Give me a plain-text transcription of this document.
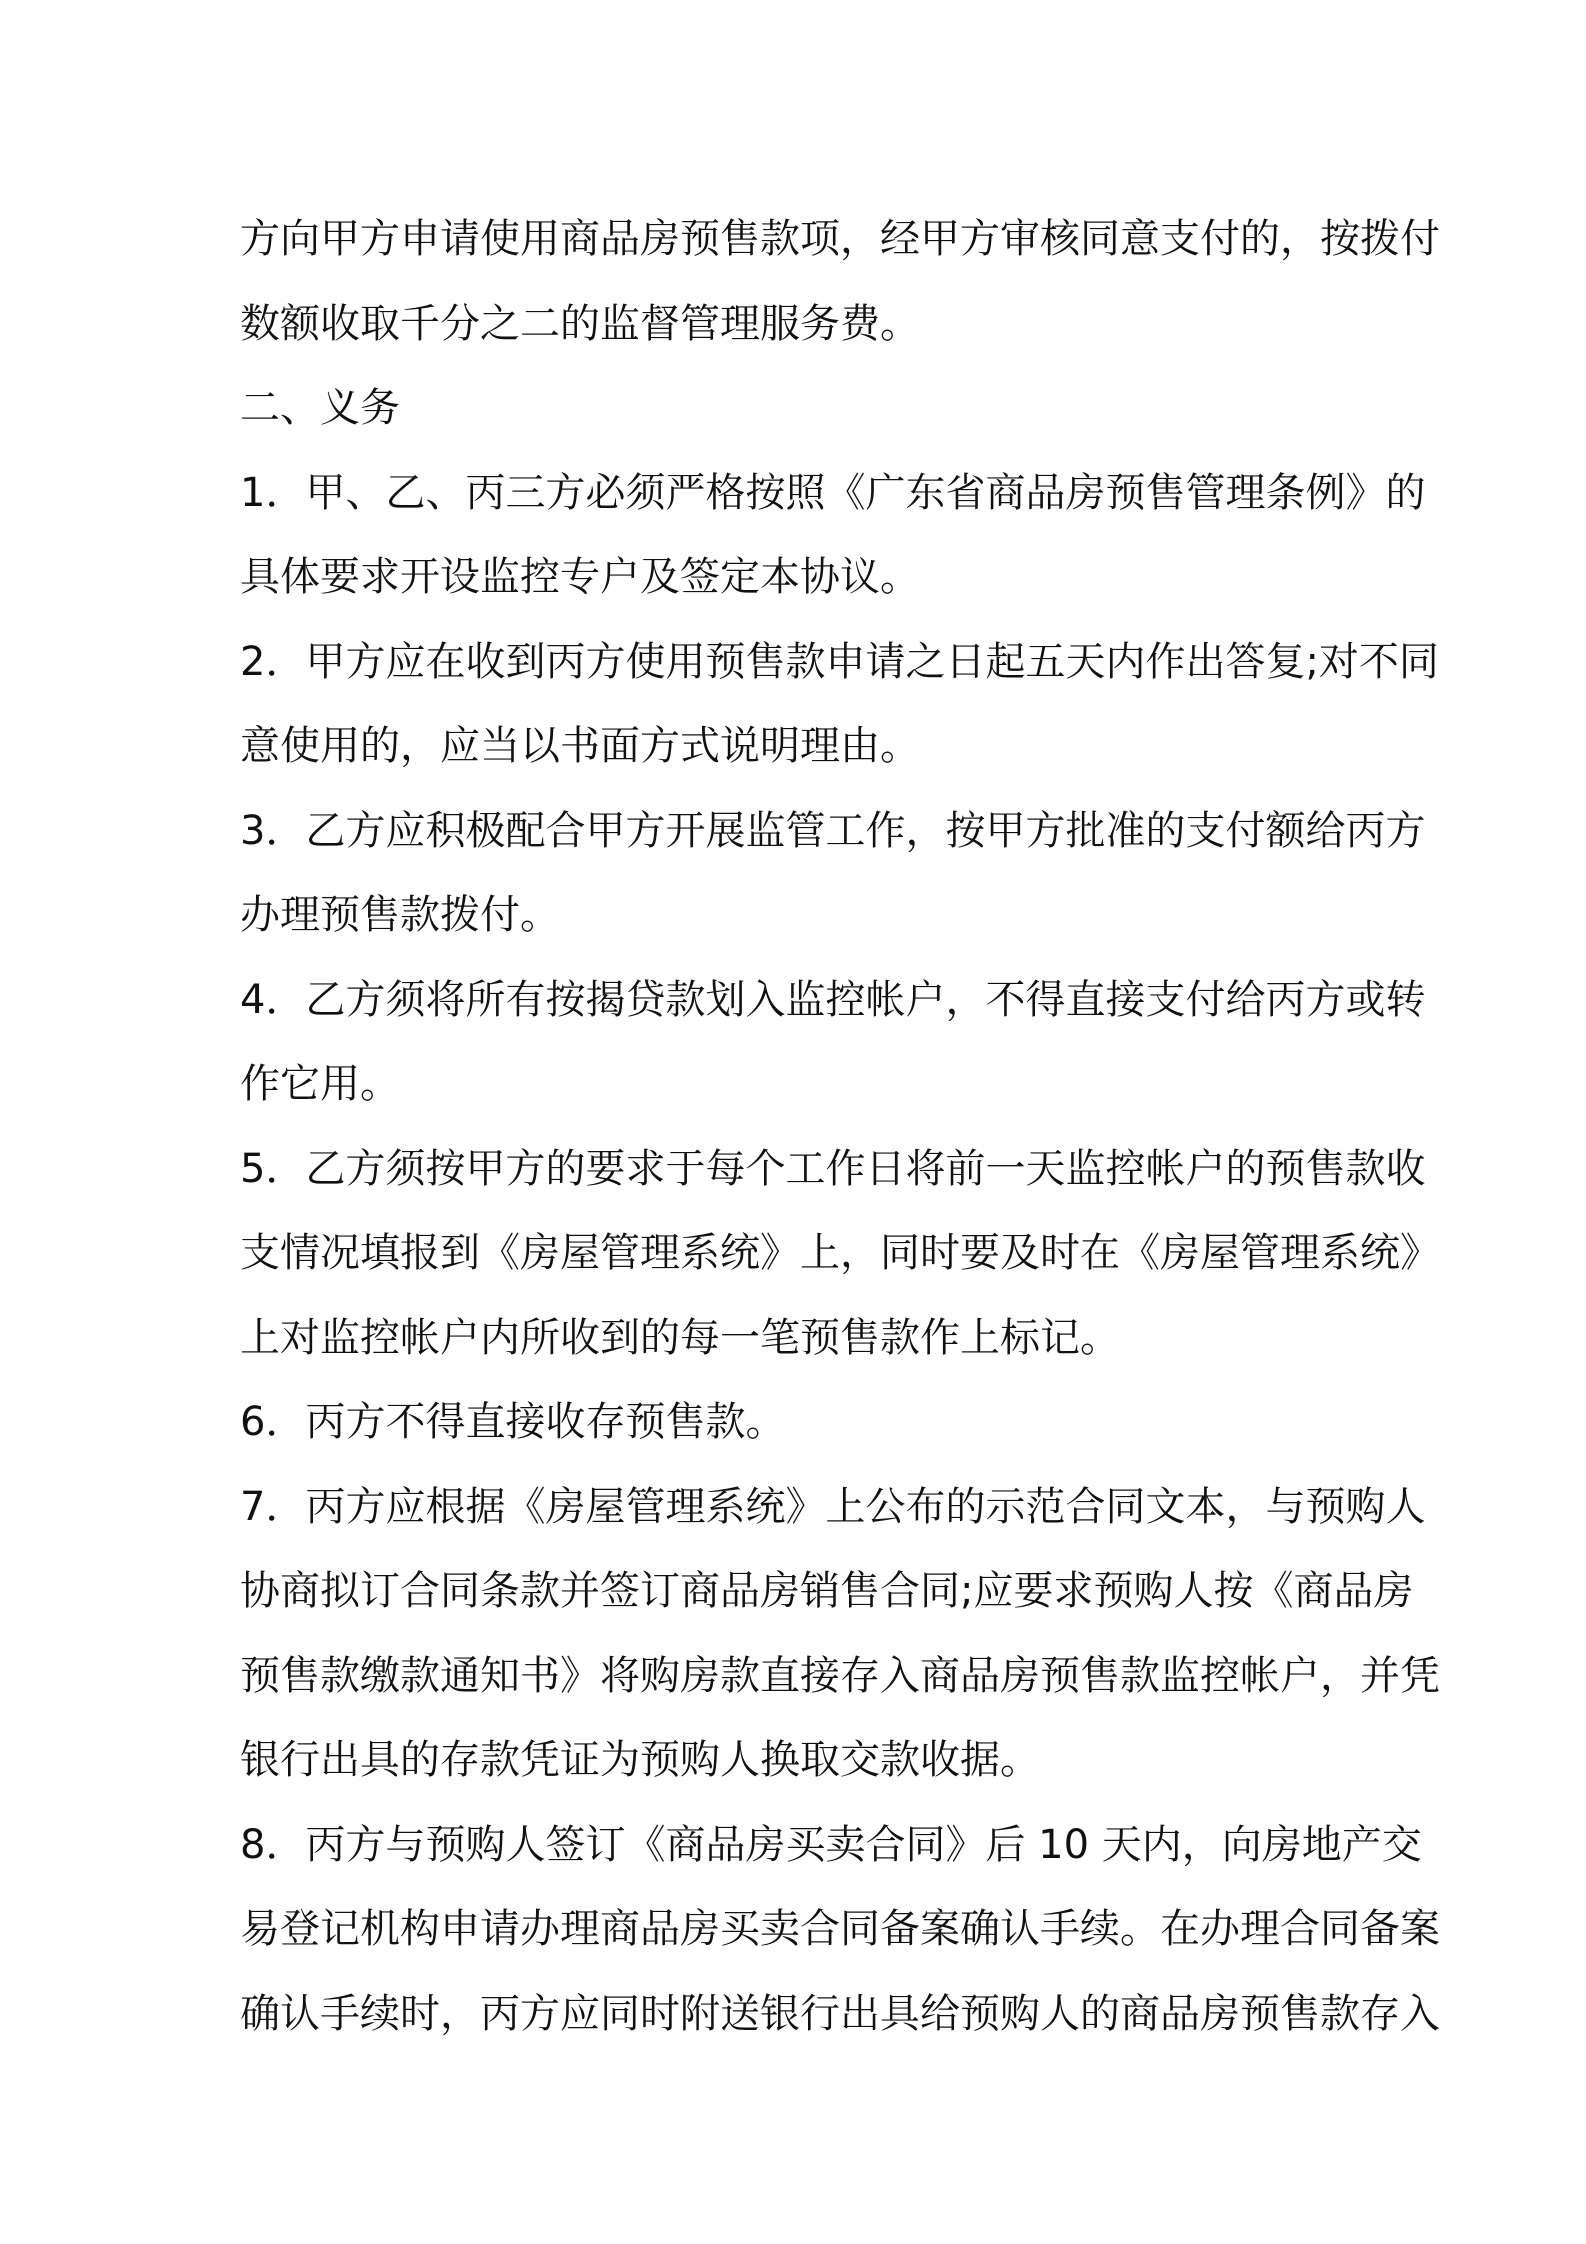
方向甲方申请使用商品房预售款项，经甲方审核同意支付的，按拨付
数额收取千分之二的监督管理服务费。
二、义务
1．甲、乙、丙三方必须严格按照《广东省商品房预售管理条例》的
具体要求开设监控专户及签定本协议。
2．甲方应在收到丙方使用预售款申请之日起五天内作出答复;对不同
意使用的，应当以书面方式说明理由。
3．乙方应积极配合甲方开展监管工作，按甲方批准的支付额给丙方
办理预售款拨付。
4．乙方须将所有按揭贷款划入监控帐户，不得直接支付给丙方或转
作它用。
5．乙方须按甲方的要求于每个工作日将前一天监控帐户的预售款收
支情况填报到《房屋管理系统》上，同时要及时在《房屋管理系统》
上对监控帐户内所收到的每一笔预售款作上标记。
6．丙方不得直接收存预售款。
7．丙方应根据《房屋管理系统》上公布的示范合同文本，与预购人
协商拟订合同条款并签订商品房销售合同;应要求预购人按《商品房
预售款缴款通知书》将购房款直接存入商品房预售款监控帐户，并凭
银行出具的存款凭证为预购人换取交款收据。
8．丙方与预购人签订《商品房买卖合同》后 10 天内，向房地产交
易登记机构申请办理商品房买卖合同备案确认手续。在办理合同备案
确认手续时，丙方应同时附送银行出具给预购人的商品房预售款存入
